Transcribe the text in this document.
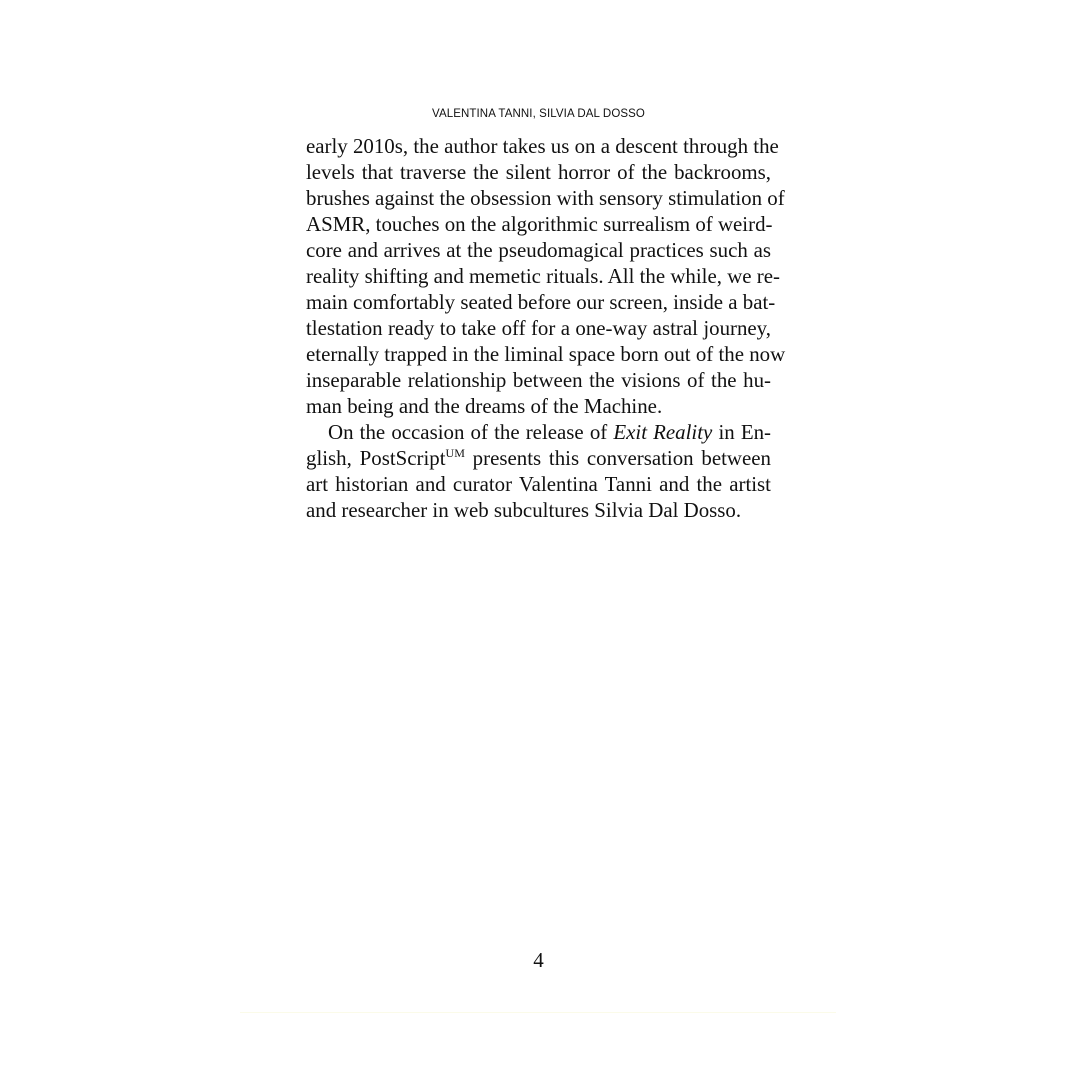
VALENTINA TANNI, SILVIA DAL DOSSO
early 2010s, the author takes us on a descent through the
levels that traverse the silent horror of the backrooms,
brushes against the obsession with sensory stimulation of
ASMR, touches on the algorithmic surrealism of weird-
core and arrives at the pseudomagical practices such as
reality shifting and memetic rituals. All the while, we re-
main comfortably seated before our screen, inside a bat-
tlestation ready to take off for a one-way astral journey,
eternally trapped in the liminal space born out of the now
inseparable relationship between the visions of the hu-
man being and the dreams of the Machine.
On the occasion of the release of Exit Reality in En-
glish, PostScript$^{UM}$ presents this conversation between
art historian and curator Valentina Tanni and the artist
and researcher in web subcultures Silvia Dal Dosso.
4
